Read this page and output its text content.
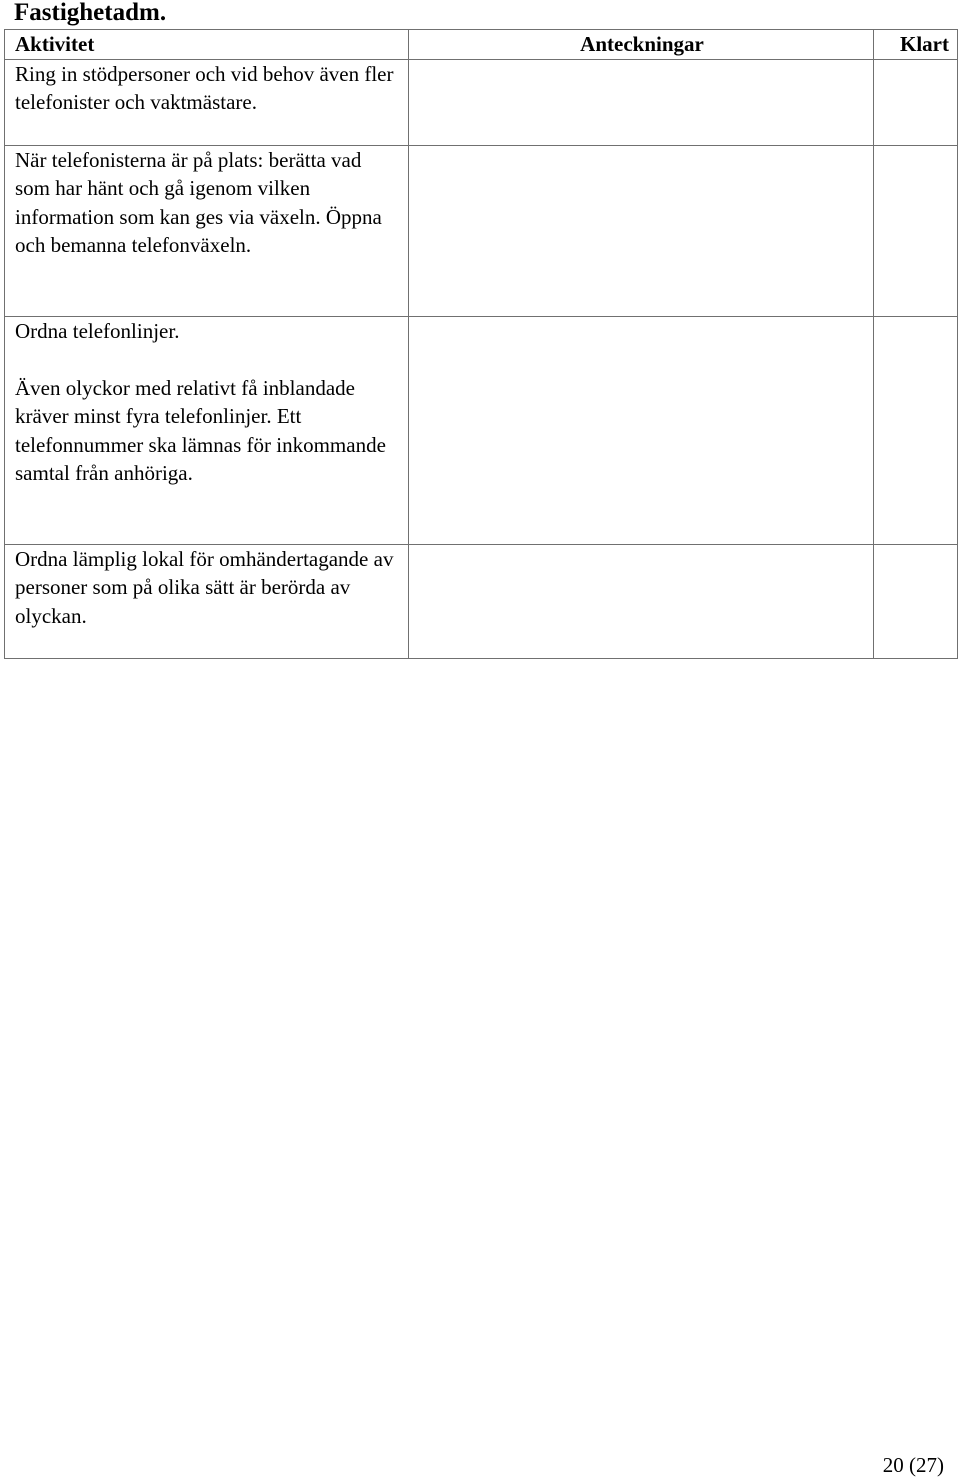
Fastighetadm.
Aktivitet	Anteckningar	Klart

Ring in stödpersoner och vid behov även fler telefonister och vaktmästare.		

När telefonisterna är på plats: berätta vad som har hänt och gå igenom vilken information som kan ges via växeln. Öppna och bemanna telefonväxeln.		

Ordna telefonlinjer.

Även olyckor med relativt få inblandade kräver minst fyra telefonlinjer. Ett telefonnummer ska lämnas för inkommande samtal från anhöriga.		

Ordna lämplig lokal för omhändertagande av personer som på olika sätt är berörda av olyckan.		

20 (27)
